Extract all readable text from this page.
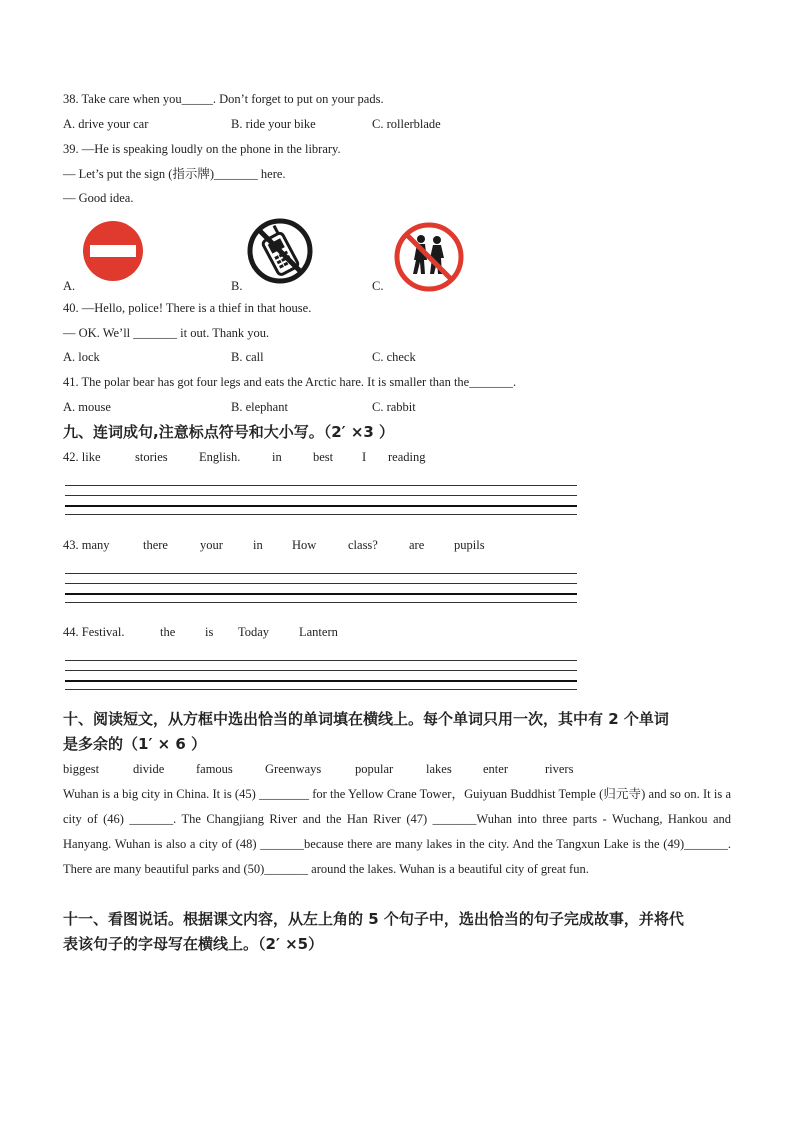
38. Take care when you_____. Don’t forget to put on your pads.
A. drive your car	B. ride your bike	C. rollerblade
39. —He is speaking loudly on the phone in the library.
— Let’s put the sign (指示牌)_______ here.
— Good idea.
A.	B.	C.
40. —Hello, police! There is a thief in that house.
— OK. We’ll _______ it out. Thank you.
A. lock	B. call	C. check
41. The polar bear has got four legs and eats the Arctic hare. It is smaller than the_______.
A. mouse	B. elephant	C. rabbit
九、连词成句,注意标点符号和大小写。（2′ ×3 ）
42. like	stories	English.	in	best I reading
43. many	there	your in How	class? are pupils
44. Festival.	the is Today Lantern
十、阅读短文，从方框中选出恰当的单词填在横线上。每个单词只用一次，其中有 2 个单词
是多余的（1′ × 6 ）
biggest	divide	famous	Greenways	popular	lakes	enter	rivers
Wuhan is a big city in China. It is (45) ________ for the Yellow Crane Tower，Guiyuan Buddhist Temple (归元寺) and so on. It is a city of (46) _______. The Changjiang River and the Han River (47) _______Wuhan into three parts - Wuchang, Hankou and Hanyang. Wuhan is also a city of (48) _______because there are many lakes in the city. And the Tangxun Lake is the (49)_______. There are many beautiful parks and (50)_______ around the lakes. Wuhan is a beautiful city of great fun.
十一、看图说话。根据课文内容，从左上角的 5 个句子中，选出恰当的句子完成故事，并将代
表该句子的字母写在横线上。（2′ ×5）
